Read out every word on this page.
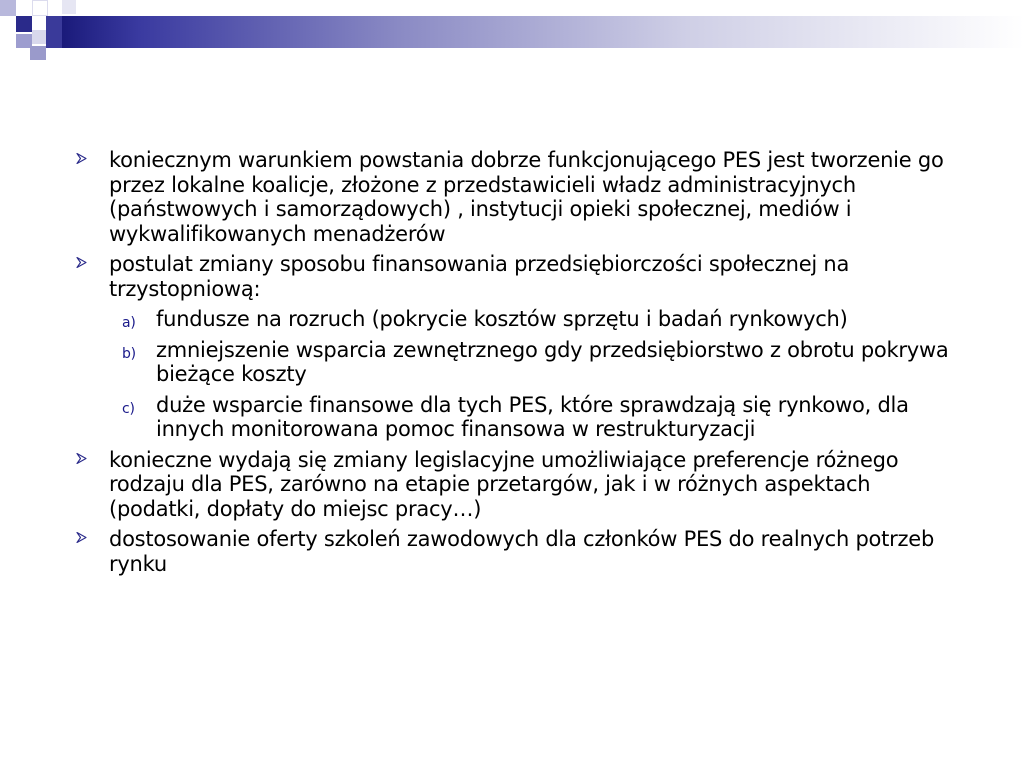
koniecznym warunkiem powstania dobrze funkcjonującego PES jest tworzenie go przez lokalne koalicje, złożone z przedstawicieli władz administracyjnych (państwowych i samorządowych) , instytucji opieki społecznej, mediów i wykwalifikowanych menadżerów
postulat zmiany sposobu finansowania przedsiębiorczości społecznej na trzystopniową:
a) fundusze na rozruch (pokrycie kosztów sprzętu i badań rynkowych)
b) zmniejszenie wsparcia zewnętrznego gdy przedsiębiorstwo z obrotu pokrywa bieżące koszty
c) duże wsparcie finansowe dla tych PES, które sprawdzają się rynkowo, dla innych monitorowana pomoc finansowa w restrukturyzacji
konieczne wydają się zmiany legislacyjne umożliwiające preferencje różnego rodzaju dla PES, zarówno na etapie przetargów, jak i w różnych aspektach (podatki, dopłaty do miejsc pracy…)
dostosowanie oferty szkoleń zawodowych dla członków PES do realnych potrzeb rynku
